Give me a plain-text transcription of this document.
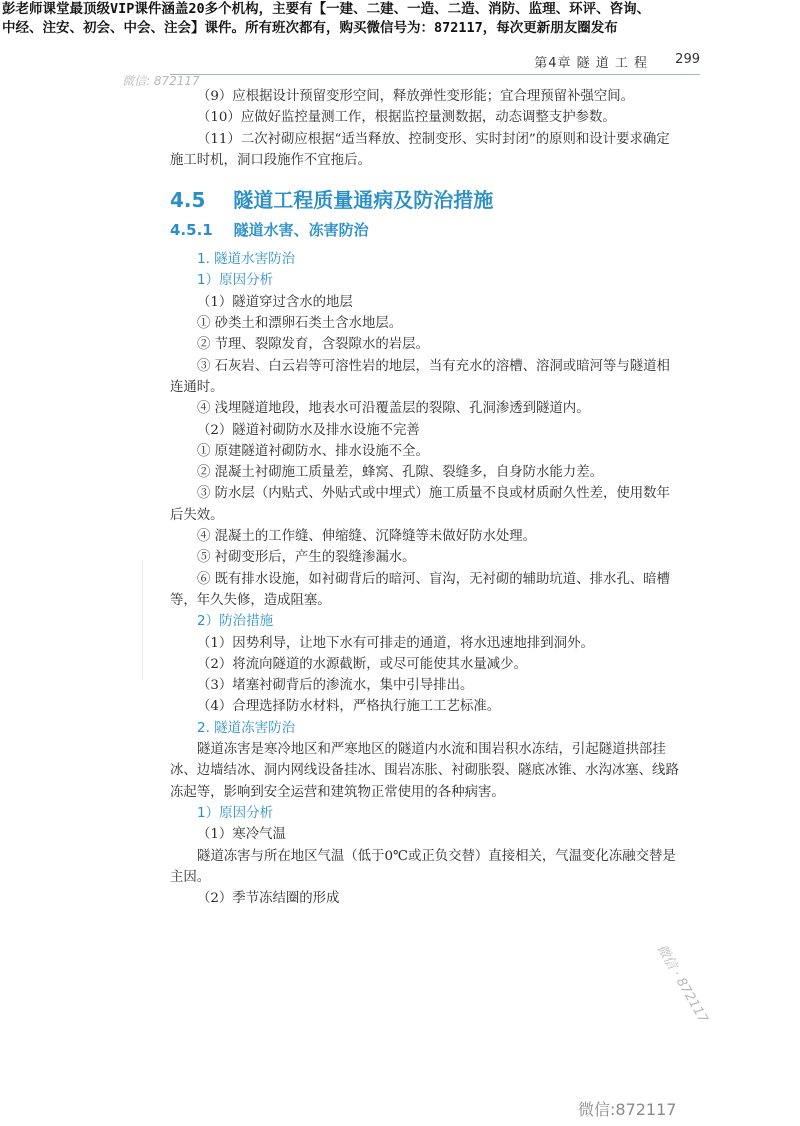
彭老师课堂最顶级VIP课件涵盖20多个机构，主要有【一建、二建、一造、二造、消防、监理、环评、咨询、
中经、注安、初会、中会、注会】课件。所有班次都有，购买微信号为：872117，每次更新朋友圈发布
第4章 隧 道 工 程 299
微信: 872117

（9）应根据设计预留变形空间，释放弹性变形能；宜合理预留补强空间。

（10）应做好监控量测工作，根据监控量测数据，动态调整支护参数。

（11）二次衬砌应根据“适当释放、控制变形、实时封闭”的原则和设计要求确定

施工时机，洞口段施作不宜拖后。

4.5    隧道工程质量通病及防治措施
4.5.1    隧道水害、冻害防治

1. 隧道水害防治

1）原因分析

（1）隧道穿过含水的地层

① 砂类土和漂卵石类土含水地层。

② 节理、裂隙发育，含裂隙水的岩层。

③ 石灰岩、白云岩等可溶性岩的地层，当有充水的溶槽、溶洞或暗河等与隧道相

连通时。

④ 浅埋隧道地段，地表水可沿覆盖层的裂隙、孔洞渗透到隧道内。

（2）隧道衬砌防水及排水设施不完善

① 原建隧道衬砌防水、排水设施不全。

② 混凝土衬砌施工质量差，蜂窝、孔隙、裂缝多，自身防水能力差。

③ 防水层（内贴式、外贴式或中埋式）施工质量不良或材质耐久性差，使用数年

后失效。

④ 混凝土的工作缝、伸缩缝、沉降缝等未做好防水处理。

⑤ 衬砌变形后，产生的裂缝渗漏水。

⑥ 既有排水设施，如衬砌背后的暗河、盲沟，无衬砌的辅助坑道、排水孔、暗槽

等，年久失修，造成阻塞。

2）防治措施

（1）因势利导，让地下水有可排走的通道，将水迅速地排到洞外。

（2）将流向隧道的水源截断，或尽可能使其水量减少。

（3）堵塞衬砌背后的渗流水，集中引导排出。

（4）合理选择防水材料，严格执行施工工艺标准。

2. 隧道冻害防治

隧道冻害是寒冷地区和严寒地区的隧道内水流和围岩积水冻结，引起隧道拱部挂

冰、边墙结冰、洞内网线设备挂冰、围岩冻胀、衬砌胀裂、隧底冰锥、水沟冰塞、线路

冻起等，影响到安全运营和建筑物正常使用的各种病害。

1）原因分析

（1）寒冷气温

隧道冻害与所在地区气温（低于0℃或正负交替）直接相关，气温变化冻融交替是

主因。

（2）季节冻结圈的形成

微信 · 872117
微信:872117
